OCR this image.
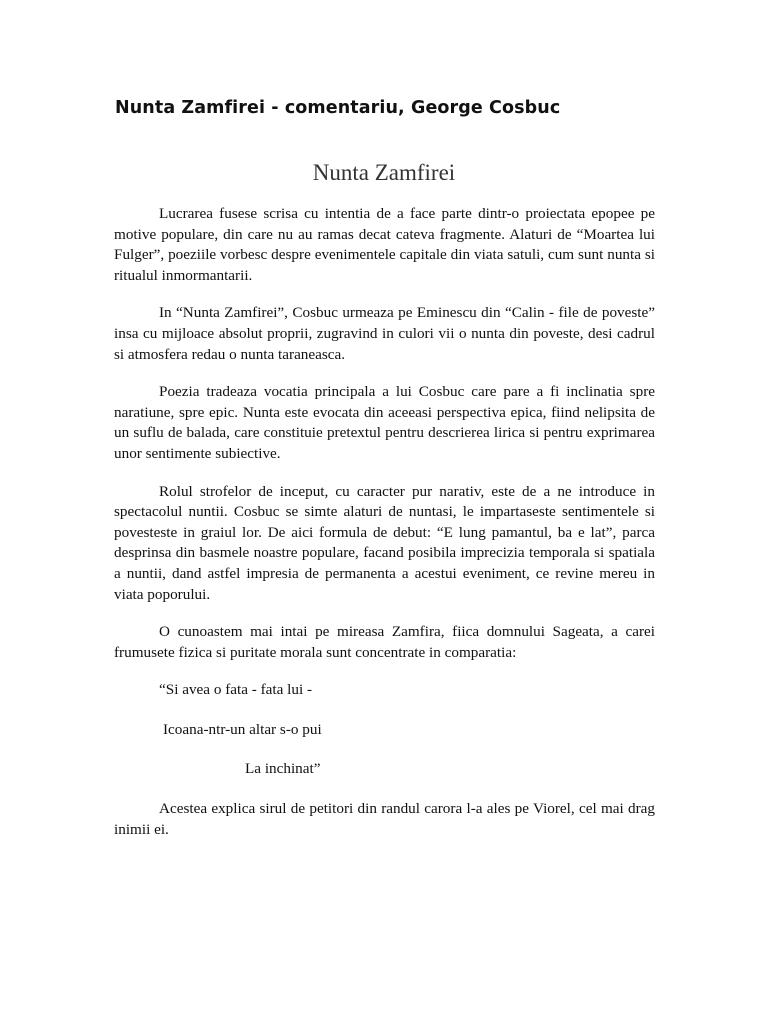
Nunta Zamfirei - comentariu, George Cosbuc
Nunta Zamfirei

Lucrarea fusese scrisa cu intentia de a face parte dintr-o proiectata epopee pe motive populare, din care nu au ramas decat cateva fragmente. Alaturi de “Moartea lui Fulger”, poeziile vorbesc despre evenimentele capitale din viata satuli, cum sunt nunta si ritualul inmormantarii.

In “Nunta Zamfirei”, Cosbuc urmeaza pe Eminescu din “Calin - file de poveste” insa cu mijloace absolut proprii, zugravind in culori vii o nunta din poveste, desi cadrul si atmosfera redau o nunta taraneasca.

Poezia tradeaza vocatia principala a lui Cosbuc care pare a fi inclinatia spre naratiune, spre epic. Nunta este evocata din aceeasi perspectiva epica, fiind nelipsita de un suflu de balada, care constituie pretextul pentru descrierea lirica si pentru exprimarea unor sentimente subiective.

Rolul strofelor de inceput, cu caracter pur narativ, este de a ne introduce in spectacolul nuntii. Cosbuc se simte alaturi de nuntasi, le impartaseste sentimentele si povesteste in graiul lor. De aici formula de debut: “E lung pamantul, ba e lat”, parca desprinsa din basmele noastre populare, facand posibila imprecizia temporala si spatiala a nuntii, dand astfel impresia de permanenta a acestui eveniment, ce revine mereu in viata poporului.

O cunoastem mai intai pe mireasa Zamfira, fiica domnului Sageata, a carei frumusete fizica si puritate morala sunt concentrate in comparatia:

“Si avea o fata - fata lui -

Icoana-ntr-un altar s-o pui

La inchinat”

Acestea explica sirul de petitori din randul carora l-a ales pe Viorel, cel mai drag inimii ei.
